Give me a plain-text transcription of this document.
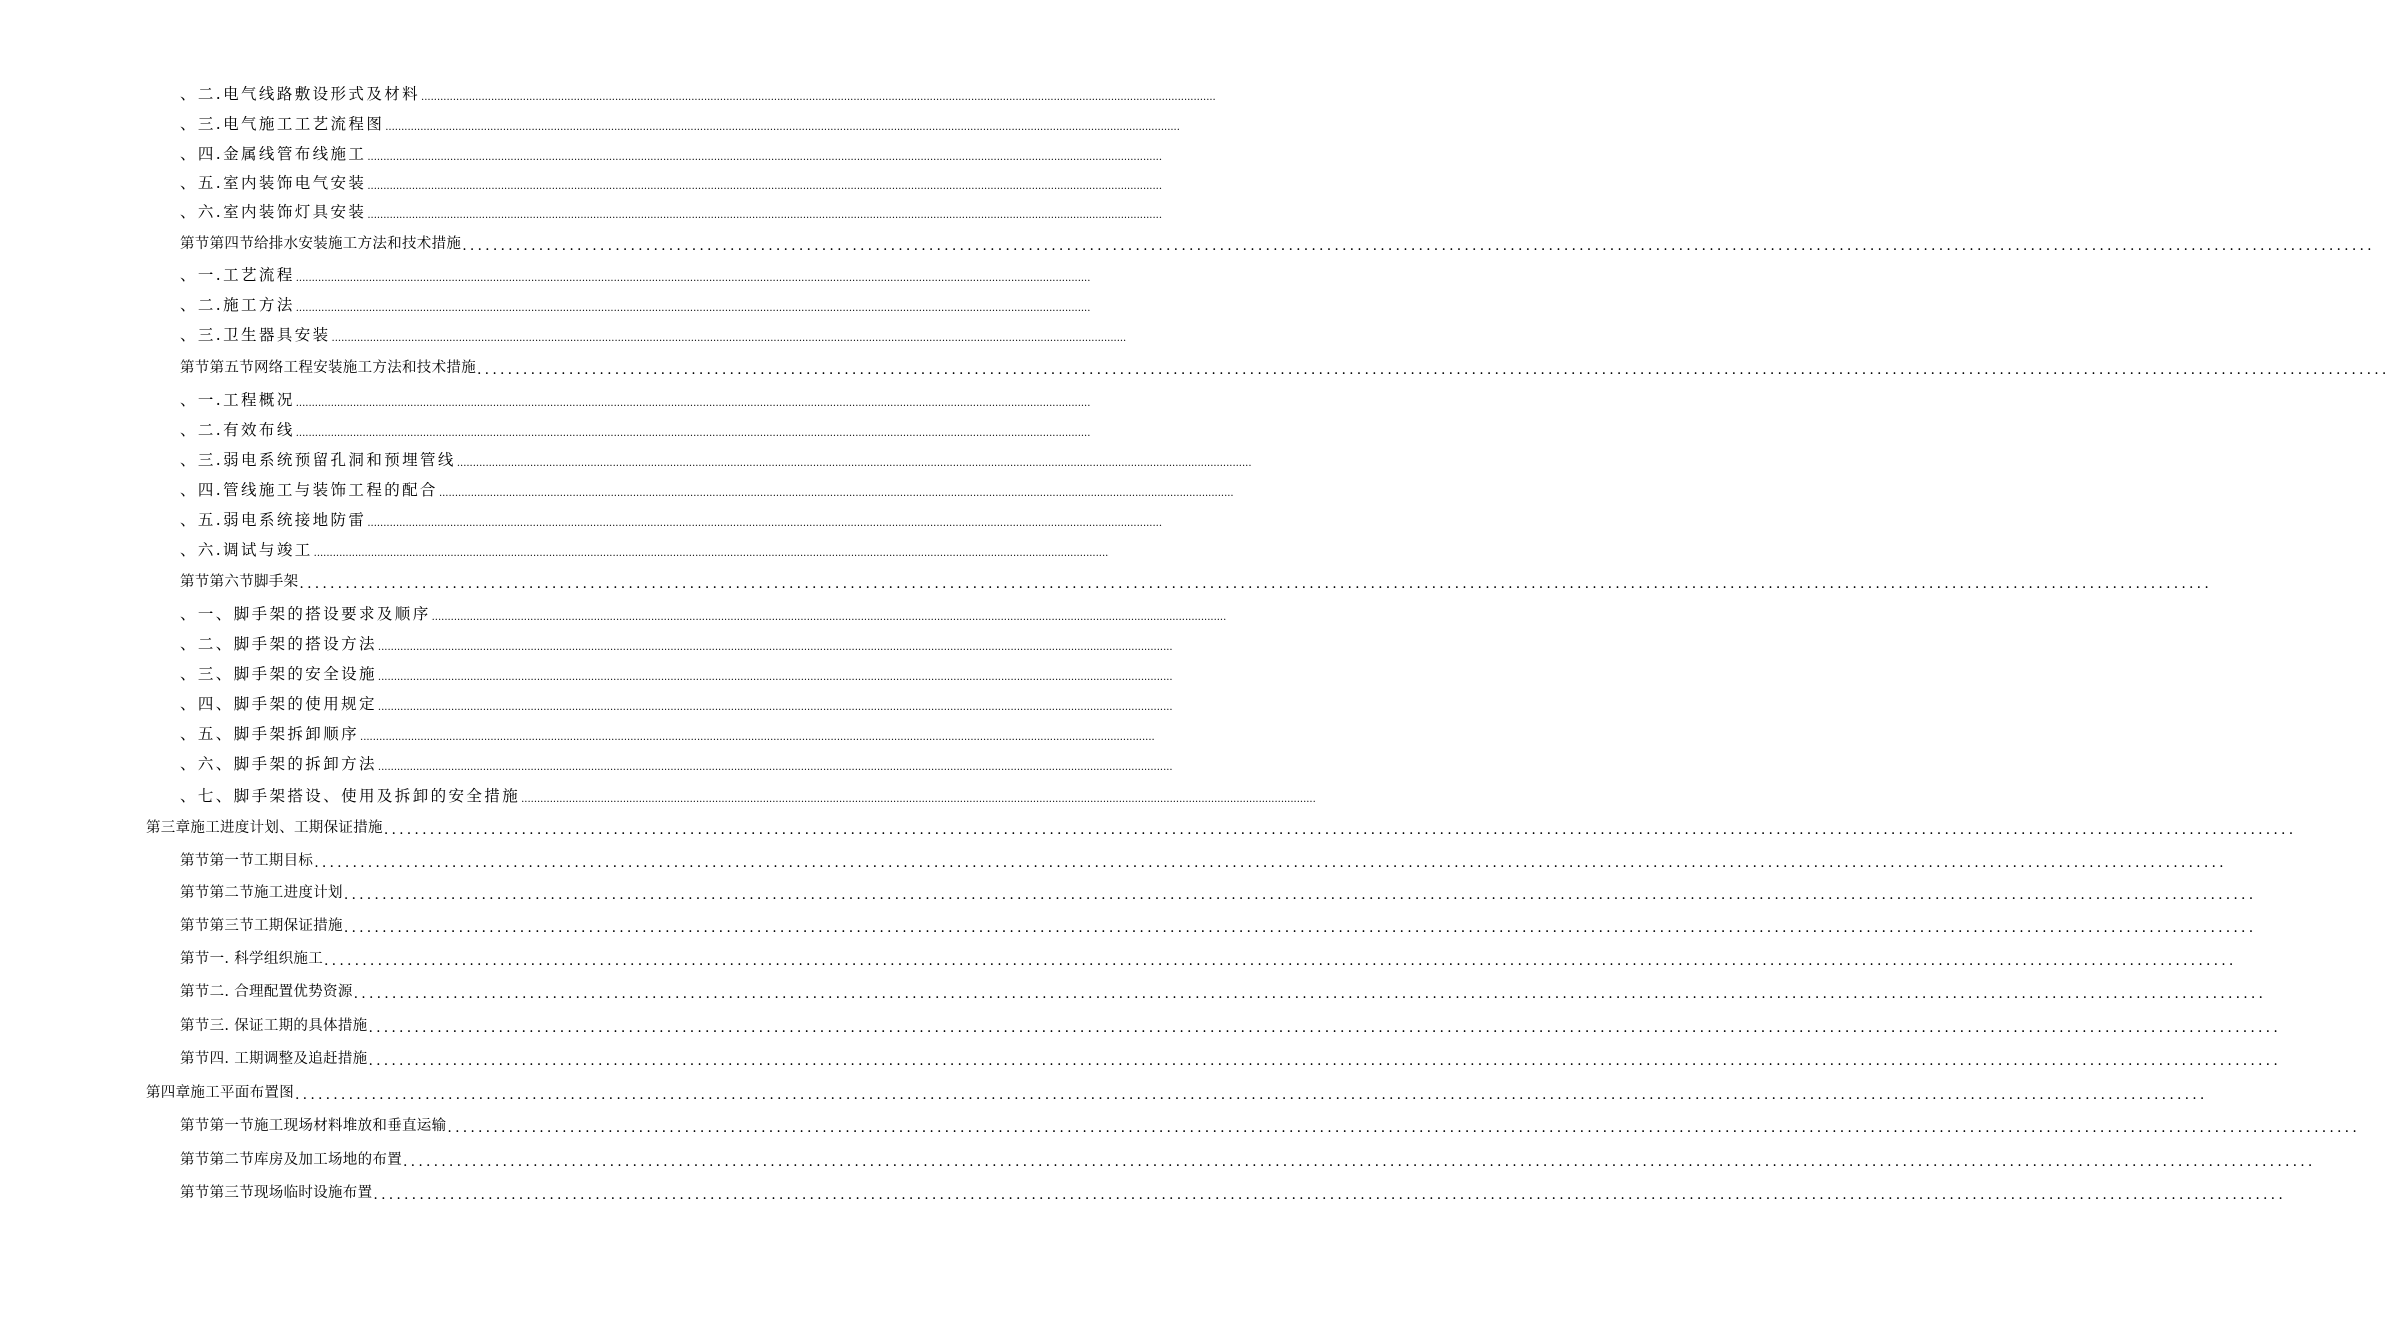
、 二.电气线路敷设形式及材料 ..........................................................................................................................................................................................................................................................
、 三.电气施工工艺流程图 ..........................................................................................................................................................................................................................................................
、 四.金属线管布线施工 ..........................................................................................................................................................................................................................................................
、 五.室内装饰电气安装 ..........................................................................................................................................................................................................................................................
、 六.室内装饰灯具安装 ..........................................................................................................................................................................................................................................................
第节 第四节给排水安装施工方法和技术措施 ..........................................................................................................................................................................................................................................................
、 一.工艺流程 ..........................................................................................................................................................................................................................................................
、 二.施工方法 ..........................................................................................................................................................................................................................................................
、 三.卫生器具安装 ..........................................................................................................................................................................................................................................................
第节 第五节网络工程安装施工方法和技术措施 ..........................................................................................................................................................................................................................................................
、 一.工程概况 ..........................................................................................................................................................................................................................................................
、 二.有效布线 ..........................................................................................................................................................................................................................................................
、 三.弱电系统预留孔洞和预埋管线 ..........................................................................................................................................................................................................................................................
、 四.管线施工与装饰工程的配合 ..........................................................................................................................................................................................................................................................
、 五.弱电系统接地防雷 ..........................................................................................................................................................................................................................................................
、 六.调试与竣工 ..........................................................................................................................................................................................................................................................
第节 第六节脚手架 ..........................................................................................................................................................................................................................................................
、 一、脚手架的搭设要求及顺序 ..........................................................................................................................................................................................................................................................
、 二、脚手架的搭设方法 ..........................................................................................................................................................................................................................................................
、 三、脚手架的安全设施 ..........................................................................................................................................................................................................................................................
、 四、脚手架的使用规定 ..........................................................................................................................................................................................................................................................
、 五、脚手架拆卸顺序 ..........................................................................................................................................................................................................................................................
、 六、脚手架的拆卸方法 ..........................................................................................................................................................................................................................................................
、 七、脚手架搭设、使用及拆卸的安全措施 ..........................................................................................................................................................................................................................................................
第三章 施工进度计划、工期保证措施 ..........................................................................................................................................................................................................................................................
第节 第一节工期目标 ..........................................................................................................................................................................................................................................................
第节 第二节施工进度计划 ..........................................................................................................................................................................................................................................................
第节 第三节工期保证措施 ..........................................................................................................................................................................................................................................................
第节 一. 科学组织施工 ..........................................................................................................................................................................................................................................................
第节 二. 合理配置优势资源 ..........................................................................................................................................................................................................................................................
第节 三. 保证工期的具体措施 ..........................................................................................................................................................................................................................................................
第节 四. 工期调整及追赶措施 ..........................................................................................................................................................................................................................................................
第四章 施工平面布置图 ..........................................................................................................................................................................................................................................................
第节 第一节施工现场材料堆放和垂直运输 ..........................................................................................................................................................................................................................................................
第节 第二节库房及加工场地的布置 ..........................................................................................................................................................................................................................................................
第节 第三节现场临时设施布置 ..........................................................................................................................................................................................................................................................
